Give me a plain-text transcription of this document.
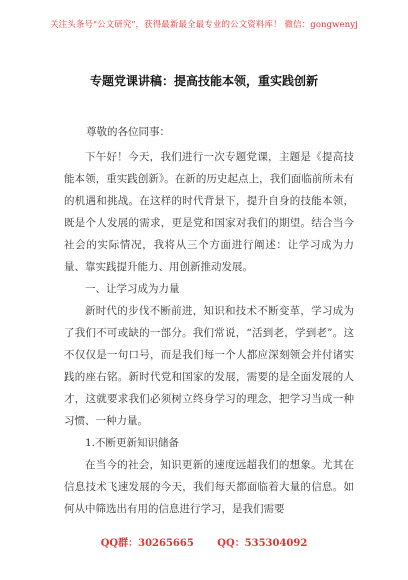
关注头条号"公文研究"，获得最新最全最专业的公文资料库！ 微信：gongwenyj
专题党课讲稿：提高技能本领，重实践创新
尊敬的各位同事：

下午好！今天，我们进行一次专题党课，主题是《提高技能本领，重实践创新》。在新的历史起点上，我们面临前所未有的机遇和挑战。在这样的时代背景下，提升自身的技能本领，既是个人发展的需求，更是党和国家对我们的期望。结合当今社会的实际情况，我将从三个方面进行阐述：让学习成为力量、靠实践提升能力、用创新推动发展。

一、让学习成为力量

新时代的步伐不断前进，知识和技术不断变革，学习成为了我们不可或缺的一部分。我们常说，“活到老，学到老”。这不仅仅是一句口号，而是我们每一个人都应深刻领会并付诸实践的座右铭。新时代党和国家的发展，需要的是全面发展的人才，这就要求我们必须树立终身学习的理念，把学习当成一种习惯、一种力量。

1.不断更新知识储备

在当今的社会，知识更新的速度远超我们的想象。尤其在信息技术飞速发展的今天，我们每天都面临着大量的信息。如何从中筛选出有用的信息进行学习，是我们需要

QQ群：30265665 QQ：535304092
